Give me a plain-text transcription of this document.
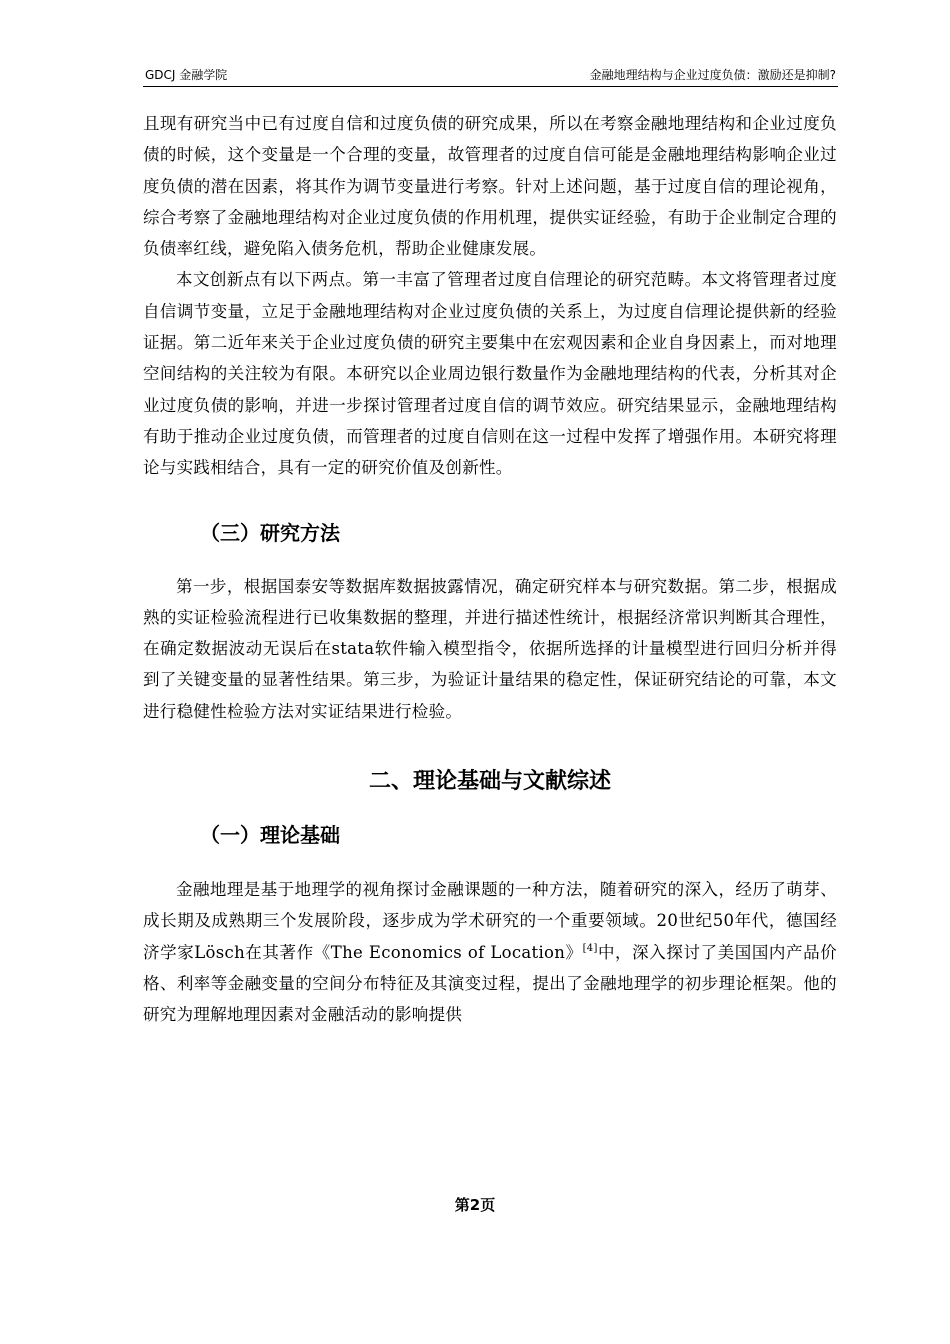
GDCJ 金融学院	金融地理结构与企业过度负债：激励还是抑制?

且现有研究当中已有过度自信和过度负债的研究成果，所以在考察金融地理结构和企业过度负债的时候，这个变量是一个合理的变量，故管理者的过度自信可能是金融地理结构影响企业过度负债的潜在因素，将其作为调节变量进行考察。针对上述问题，基于过度自信的理论视角，综合考察了金融地理结构对企业过度负债的作用机理，提供实证经验，有助于企业制定合理的负债率红线，避免陷入债务危机，帮助企业健康发展。

本文创新点有以下两点。第一丰富了管理者过度自信理论的研究范畴。本文将管理者过度自信调节变量，立足于金融地理结构对企业过度负债的关系上，为过度自信理论提供新的经验证据。第二近年来关于企业过度负债的研究主要集中在宏观因素和企业自身因素上，而对地理空间结构的关注较为有限。本研究以企业周边银行数量作为金融地理结构的代表，分析其对企业过度负债的影响，并进一步探讨管理者过度自信的调节效应。研究结果显示，金融地理结构有助于推动企业过度负债，而管理者的过度自信则在这一过程中发挥了增强作用。本研究将理论与实践相结合，具有一定的研究价值及创新性。

（三）研究方法

第一步，根据国泰安等数据库数据披露情况，确定研究样本与研究数据。第二步，根据成熟的实证检验流程进行已收集数据的整理，并进行描述性统计，根据经济常识判断其合理性，在确定数据波动无误后在stata软件输入模型指令，依据所选择的计量模型进行回归分析并得到了关键变量的显著性结果。第三步，为验证计量结果的稳定性，保证研究结论的可靠，本文进行稳健性检验方法对实证结果进行检验。

二、理论基础与文献综述
（一）理论基础

金融地理是基于地理学的视角探讨金融课题的一种方法，随着研究的深入，经历了萌芽、成长期及成熟期三个发展阶段，逐步成为学术研究的一个重要领域。20世纪50年代，德国经济学家Lösch在其著作《The Economics of Location》[4]中，深入探讨了美国国内产品价格、利率等金融变量的空间分布特征及其演变过程，提出了金融地理学的初步理论框架。他的研究为理解地理因素对金融活动的影响提供

第2页
